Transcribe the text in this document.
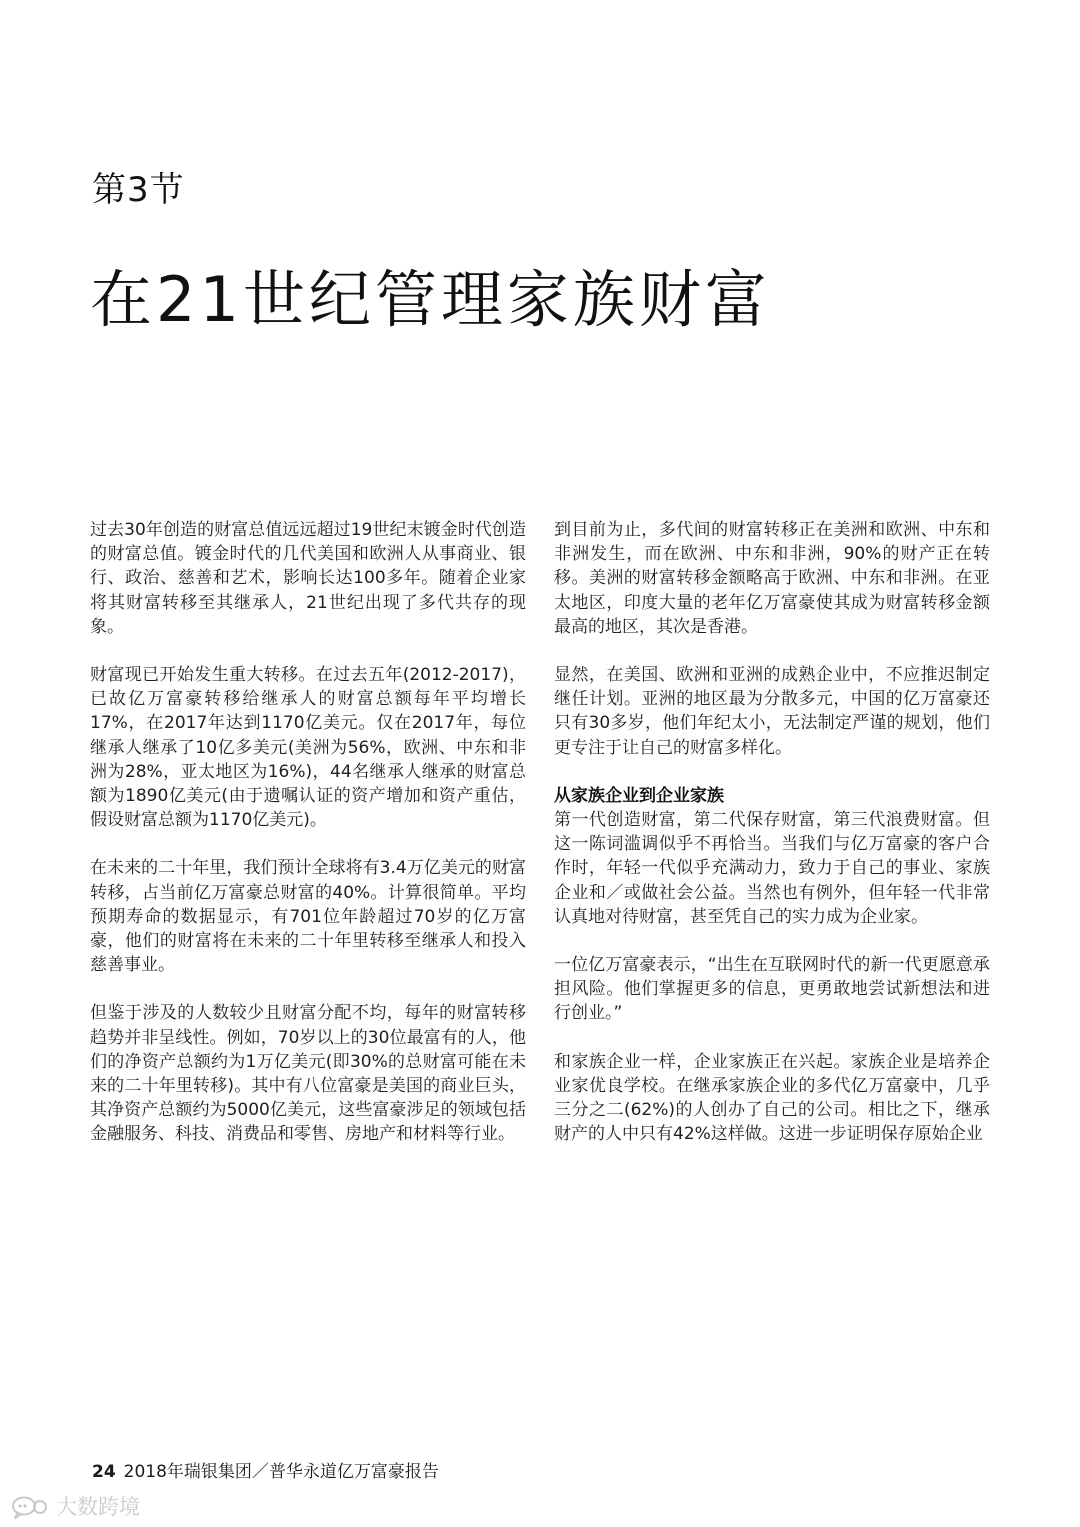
第3节
在21世纪管理家族财富

过去30年创造的财富总值远远超过19世纪末镀金时代创造的财富总值。镀金时代的几代美国和欧洲人从事商业、银行、政治、慈善和艺术，影响长达100多年。随着企业家将其财富转移至其继承人，21世纪出现了多代共存的现象。

财富现已开始发生重大转移。在过去五年(2012-2017)，已故亿万富豪转移给继承人的财富总额每年平均增长17%，在2017年达到1170亿美元。仅在2017年，每位继承人继承了10亿多美元(美洲为56%，欧洲、中东和非洲为28%，亚太地区为16%)，44名继承人继承的财富总额为1890亿美元(由于遗嘱认证的资产增加和资产重估，假设财富总额为1170亿美元)。

在未来的二十年里，我们预计全球将有3.4万亿美元的财富转移，占当前亿万富豪总财富的40%。计算很简单。平均预期寿命的数据显示，有701位年龄超过70岁的亿万富豪，他们的财富将在未来的二十年里转移至继承人和投入慈善事业。

但鉴于涉及的人数较少且财富分配不均，每年的财富转移趋势并非呈线性。例如，70岁以上的30位最富有的人，他们的净资产总额约为1万亿美元(即30%的总财富可能在未来的二十年里转移)。其中有八位富豪是美国的商业巨头，其净资产总额约为5000亿美元，这些富豪涉足的领域包括金融服务、科技、消费品和零售、房地产和材料等行业。

到目前为止，多代间的财富转移正在美洲和欧洲、中东和非洲发生，而在欧洲、中东和非洲，90%的财产正在转移。美洲的财富转移金额略高于欧洲、中东和非洲。在亚太地区，印度大量的老年亿万富豪使其成为财富转移金额最高的地区，其次是香港。

显然，在美国、欧洲和亚洲的成熟企业中，不应推迟制定继任计划。亚洲的地区最为分散多元，中国的亿万富豪还只有30多岁，他们年纪太小，无法制定严谨的规划，他们更专注于让自己的财富多样化。

从家族企业到企业家族

第一代创造财富，第二代保存财富，第三代浪费财富。但这一陈词滥调似乎不再恰当。当我们与亿万富豪的客户合作时，年轻一代似乎充满动力，致力于自己的事业、家族企业和／或做社会公益。当然也有例外，但年轻一代非常认真地对待财富，甚至凭自己的实力成为企业家。

一位亿万富豪表示，“出生在互联网时代的新一代更愿意承担风险。他们掌握更多的信息，更勇敢地尝试新想法和进行创业。”

和家族企业一样，企业家族正在兴起。家族企业是培养企业家优良学校。在继承家族企业的多代亿万富豪中，几乎三分之二(62%)的人创办了自己的公司。相比之下，继承财产的人中只有42%这样做。这进一步证明保存原始企业

24 2018年瑞银集团／普华永道亿万富豪报告
大数跨境
